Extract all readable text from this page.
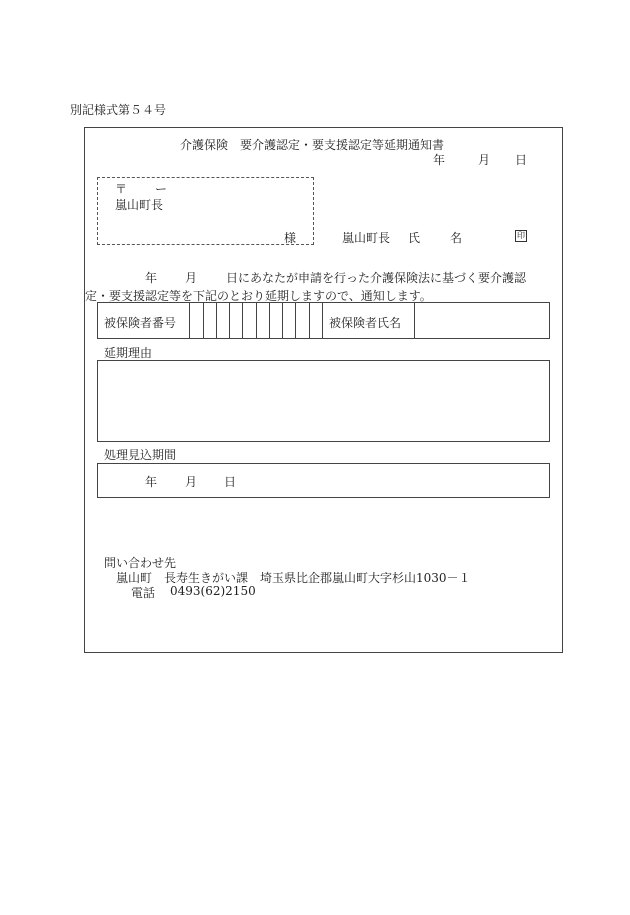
別記様式第５４号
介護保険　要介護認定・要支援認定等延期通知書
年	月 日
〒 ー
嵐山町長
様	嵐山町長 氏 名	印
年 月 日にあなたが申請を行った介護保険法に基づく要介護認
定・要支援認定等を下記のとおり延期しますので、通知します。
被保険者番号	被保険者氏名
延期理由
処理見込期間
年 月 日
問い合わせ先
嵐山町　長寿生きがい課　埼玉県比企郡嵐山町大字杉山1030－１
電話 0493(62)2150
